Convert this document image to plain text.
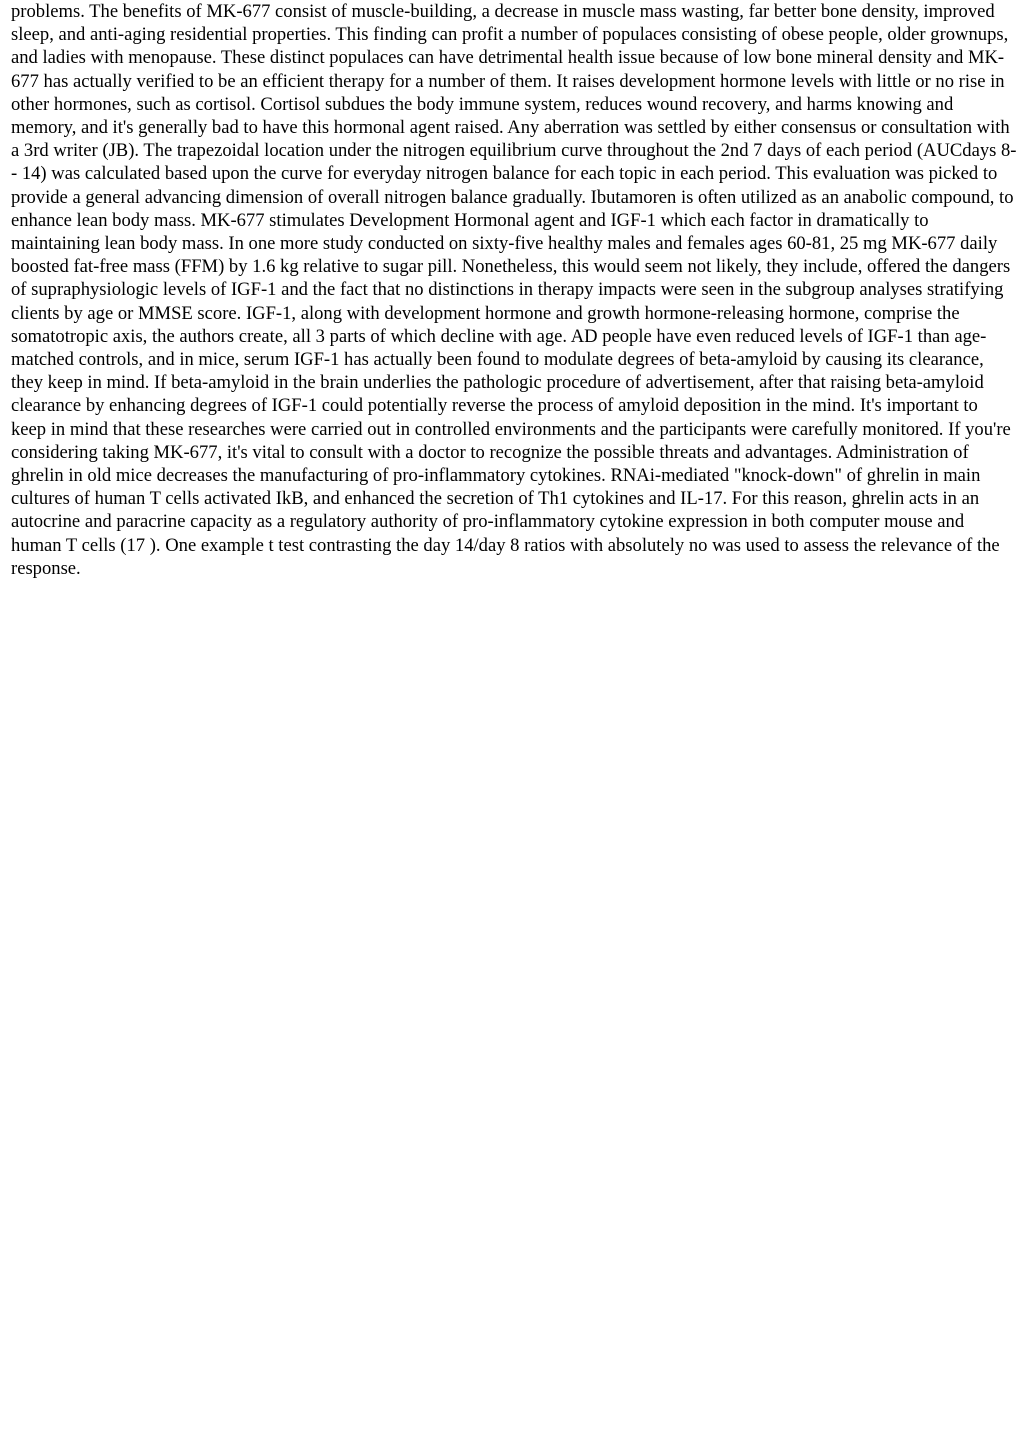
problems. The benefits of MK-677 consist of muscle-building, a decrease in muscle mass wasting, far better bone density, improved sleep, and anti-aging residential properties. This finding can profit a number of populaces consisting of obese people, older grownups, and ladies with menopause. These distinct populaces can have detrimental health issue because of low bone mineral density and MK-677 has actually verified to be an efficient therapy for a number of them. It raises development hormone levels with little or no rise in other hormones, such as cortisol. Cortisol subdues the body immune system, reduces wound recovery, and harms knowing and memory, and it's generally bad to have this hormonal agent raised. Any aberration was settled by either consensus or consultation with a 3rd writer (JB). The trapezoidal location under the nitrogen equilibrium curve throughout the 2nd 7 days of each period (AUCdays 8-- 14) was calculated based upon the curve for everyday nitrogen balance for each topic in each period. This evaluation was picked to provide a general advancing dimension of overall nitrogen balance gradually. Ibutamoren is often utilized as an anabolic compound, to enhance lean body mass. MK-677 stimulates Development Hormonal agent and IGF-1 which each factor in dramatically to maintaining lean body mass. In one more study conducted on sixty-five healthy males and females ages 60-81, 25 mg MK-677 daily boosted fat-free mass (FFM) by 1.6 kg relative to sugar pill. Nonetheless, this would seem not likely, they include, offered the dangers of supraphysiologic levels of IGF-1 and the fact that no distinctions in therapy impacts were seen in the subgroup analyses stratifying clients by age or MMSE score. IGF-1, along with development hormone and growth hormone-releasing hormone, comprise the somatotropic axis, the authors create, all 3 parts of which decline with age. AD people have even reduced levels of IGF-1 than age-matched controls, and in mice, serum IGF-1 has actually been found to modulate degrees of beta-amyloid by causing its clearance, they keep in mind. If beta-amyloid in the brain underlies the pathologic procedure of advertisement, after that raising beta-amyloid clearance by enhancing degrees of IGF-1 could potentially reverse the process of amyloid deposition in the mind. It's important to keep in mind that these researches were carried out in controlled environments and the participants were carefully monitored. If you're considering taking MK-677, it's vital to consult with a doctor to recognize the possible threats and advantages. Administration of ghrelin in old mice decreases the manufacturing of pro-inflammatory cytokines. RNAi-mediated "knock-down" of ghrelin in main cultures of human T cells activated IkB, and enhanced the secretion of Th1 cytokines and IL-17. For this reason, ghrelin acts in an autocrine and paracrine capacity as a regulatory authority of pro-inflammatory cytokine expression in both computer mouse and human T cells (17 ). One example t test contrasting the day 14/day 8 ratios with absolutely no was used to assess the relevance of the response.
